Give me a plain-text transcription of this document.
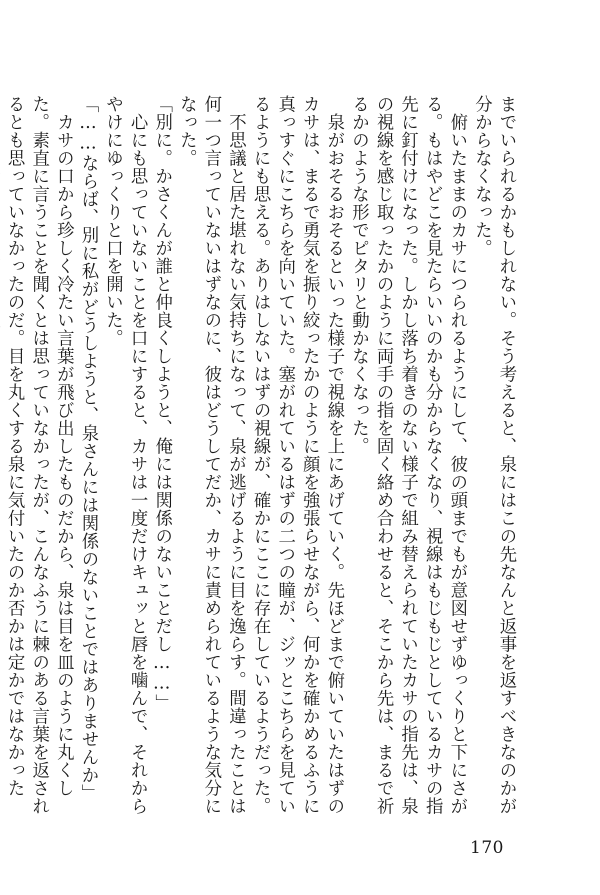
までいられるかもしれない。そう考えると、泉にはこの先なんと返事を返すべきなのかが分からなくなった。

　俯いたままのカサにつられるようにして、彼の頭までもが意図せずゆっくりと下にさがる。もはやどこを見たらいいのかも分からなくなり、視線はもじもじとしているカサの指先に釘付けになった。しかし落ち着きのない様子で組み替えられていたカサの指先は、泉の視線を感じ取ったかのように両手の指を固く絡め合わせると、そこから先は、まるで祈るかのような形でピタリと動かなくなった。

　泉がおそるおそるといった様子で視線を上にあげていく。先ほどまで俯いていたはずのカサは、まるで勇気を振り絞ったかのように顔を強張らせながら、何かを確かめるふうに真っすぐにこちらを向いていた。塞がれているはずの二つの瞳が、ジッとこちらを見ているようにも思える。ありはしないはずの視線が、確かにここに存在しているようだった。

　不思議と居た堪れない気持ちになって、泉が逃げるように目を逸らす。間違ったことは何一つ言っていないはずなのに、彼はどうしてだか、カサに責められているような気分になった。

「別に。かさくんが誰と仲良くしようと、俺には関係のないことだし……」

　心にも思っていないことを口にすると、カサは一度だけキュッと唇を噛んで、それからやけにゆっくりと口を開いた。

「……ならば、別に私がどうしようと、泉さんには関係のないことではありませんか」

　カサの口から珍しく冷たい言葉が飛び出したものだから、泉は目を皿のように丸くした。素直に言うことを聞くとは思っていなかったが、こんなふうに棘のある言葉を返されるとも思っていなかったのだ。目を丸くする泉に気付いたのか否かは定かではなかった

170
